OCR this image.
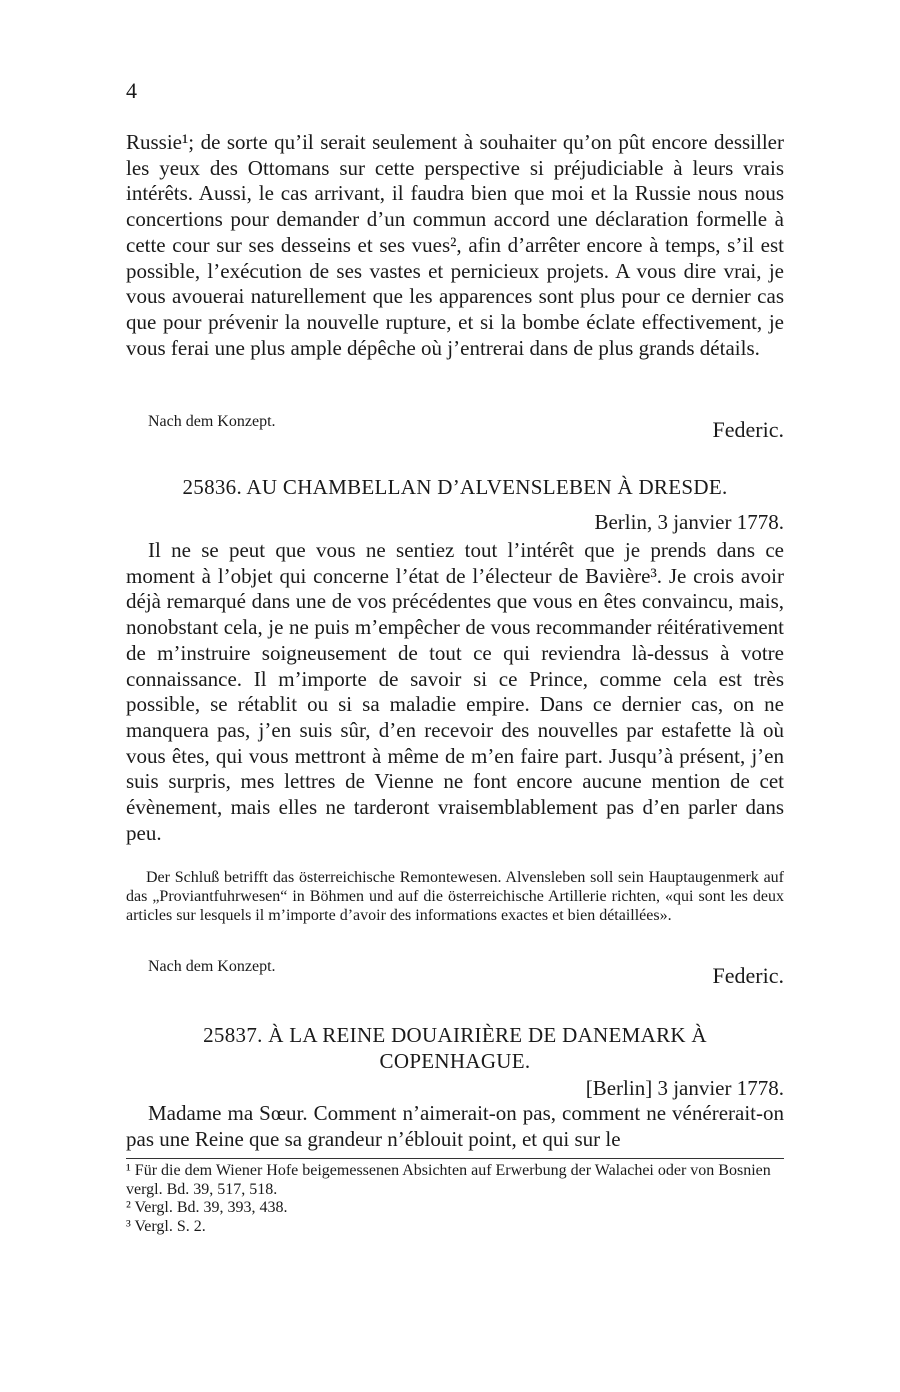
4
Russie¹; de sorte qu’il serait seulement à souhaiter qu’on pût encore dessiller les yeux des Ottomans sur cette perspective si préjudiciable à leurs vrais intérêts. Aussi, le cas arrivant, il faudra bien que moi et la Russie nous nous concertions pour demander d’un commun accord une déclaration formelle à cette cour sur ses desseins et ses vues², afin d’arrêter encore à temps, s’il est possible, l’exécution de ses vastes et pernicieux projets. A vous dire vrai, je vous avouerai naturellement que les apparences sont plus pour ce dernier cas que pour prévenir la nouvelle rupture, et si la bombe éclate effectivement, je vous ferai une plus ample dépêche où j’entrerai dans de plus grands détails.
Nach dem Konzept.	Federic.
25836. AU CHAMBELLAN D’ALVENSLEBEN À DRESDE.
Berlin, 3 janvier 1778.
Il ne se peut que vous ne sentiez tout l’intérêt que je prends dans ce moment à l’objet qui concerne l’état de l’électeur de Bavière³. Je crois avoir déjà remarqué dans une de vos précédentes que vous en êtes convaincu, mais, nonobstant cela, je ne puis m’empêcher de vous recommander réitérativement de m’instruire soigneusement de tout ce qui reviendra là-dessus à votre connaissance. Il m’importe de savoir si ce Prince, comme cela est très possible, se rétablit ou si sa maladie empire. Dans ce dernier cas, on ne manquera pas, j’en suis sûr, d’en recevoir des nouvelles par estafette là où vous êtes, qui vous mettront à même de m’en faire part. Jusqu’à présent, j’en suis surpris, mes lettres de Vienne ne font encore aucune mention de cet évènement, mais elles ne tarderont vraisemblablement pas d’en parler dans peu.
Der Schluß betrifft das österreichische Remontewesen. Alvensleben soll sein Hauptaugenmerk auf das „Proviantfuhrwesen“ in Böhmen und auf die österreichische Artillerie richten, «qui sont les deux articles sur lesquels il m’importe d’avoir des informations exactes et bien détaillées».
Nach dem Konzept.	Federic.
25837. À LA REINE DOUAIRIÈRE DE DANEMARK À
COPENHAGUE.
[Berlin] 3 janvier 1778.
Madame ma Sœur. Comment n’aimerait-on pas, comment ne vénérerait-on pas une Reine que sa grandeur n’éblouit point, et qui sur le
¹ Für die dem Wiener Hofe beigemessenen Absichten auf Erwerbung der Walachei oder von Bosnien vergl. Bd. 39, 517, 518.
² Vergl. Bd. 39, 393, 438.
³ Vergl. S. 2.
